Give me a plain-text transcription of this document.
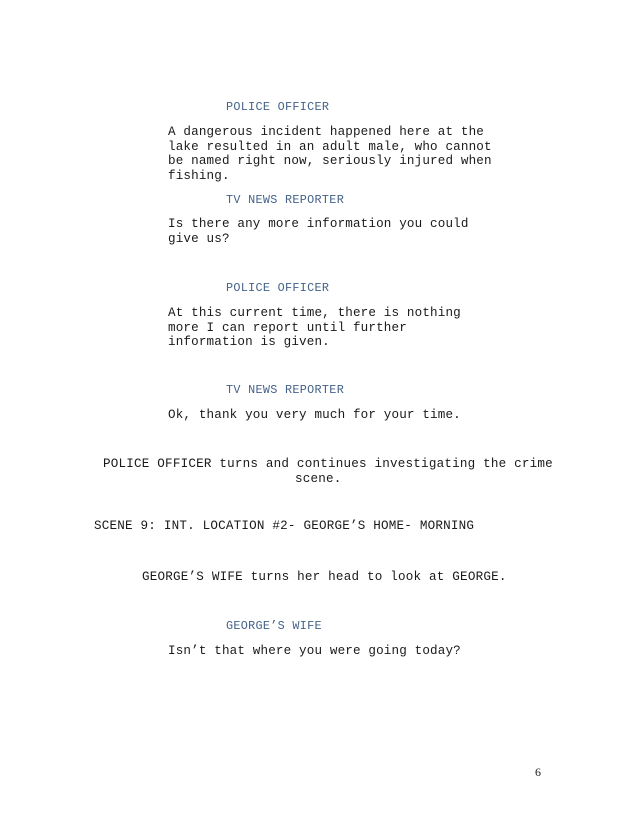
POLICE OFFICER
A dangerous incident happened here at the lake resulted in an adult male, who cannot be named right now, seriously injured when fishing.
TV NEWS REPORTER
Is there any more information you could give us?
POLICE OFFICER
At this current time, there is nothing more I can report until further information is given.
TV NEWS REPORTER
Ok, thank you very much for your time.
POLICE OFFICER turns and continues investigating the crime
scene.
SCENE 9: INT. LOCATION #2- GEORGE’S HOME- MORNING
GEORGE’S WIFE turns her head to look at GEORGE.
GEORGE’S WIFE
Isn’t that where you were going today?
6
